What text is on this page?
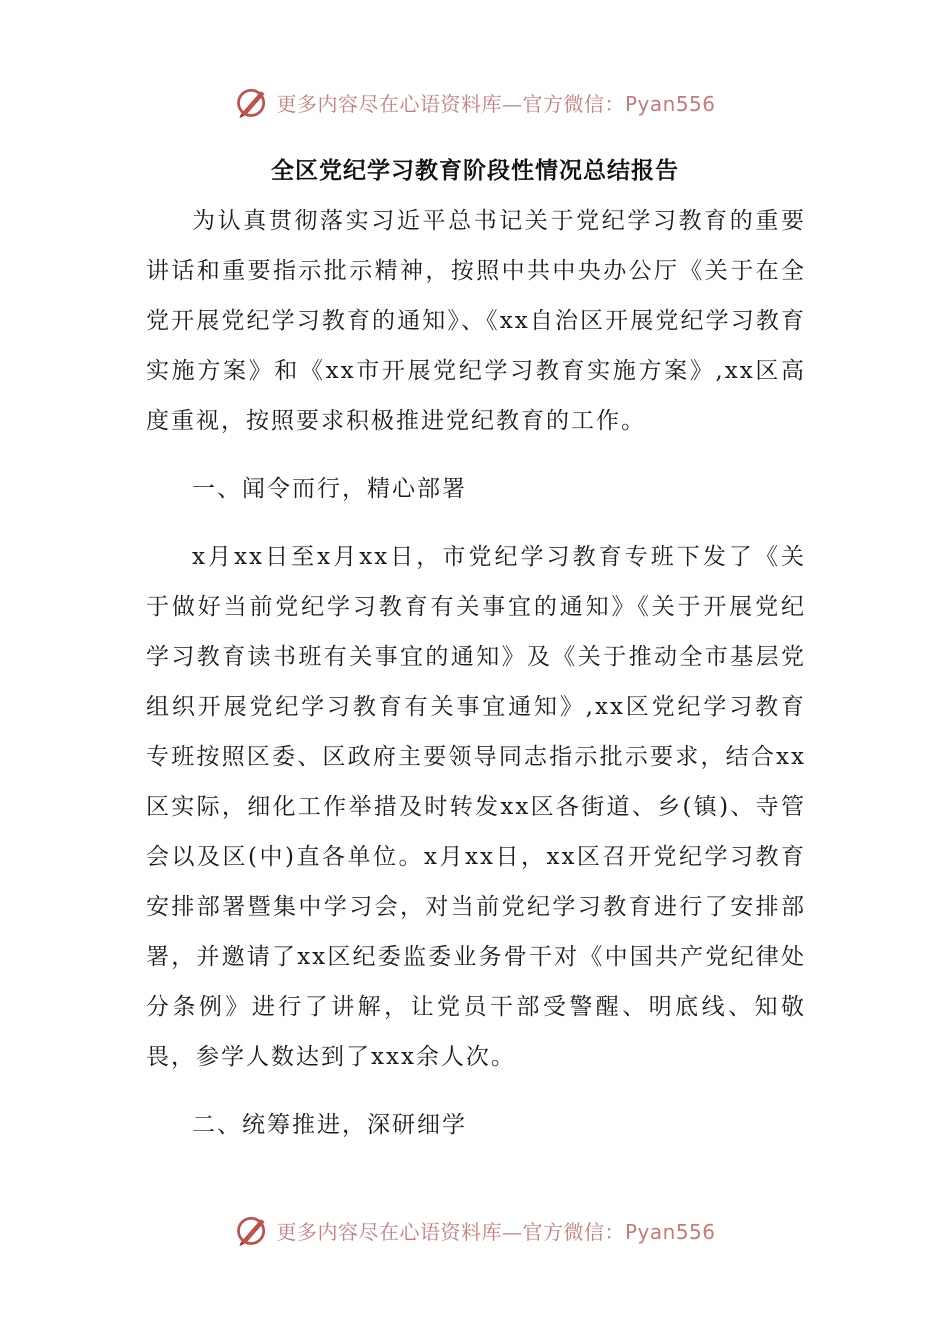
更多内容尽在心语资料库—官方微信：Pyan556
全区党纪学习教育阶段性情况总结报告

为认真贯彻落实习近平总书记关于党纪学习教育的重要讲话和重要指示批示精神，按照中共中央办公厅《关于在全党开展党纪学习教育的通知》、《xx自治区开展党纪学习教育实施方案》和《xx市开展党纪学习教育实施方案》,xx区高度重视，按照要求积极推进党纪教育的工作。

一、闻令而行，精心部署

x月xx日至x月xx日，市党纪学习教育专班下发了《关于做好当前党纪学习教育有关事宜的通知》《关于开展党纪学习教育读书班有关事宜的通知》及《关于推动全市基层党组织开展党纪学习教育有关事宜通知》,xx区党纪学习教育专班按照区委、区政府主要领导同志指示批示要求，结合xx区实际，细化工作举措及时转发xx区各街道、乡(镇)、寺管会以及区(中)直各单位。x月xx日，xx区召开党纪学习教育安排部署暨集中学习会，对当前党纪学习教育进行了安排部署，并邀请了xx区纪委监委业务骨干对《中国共产党纪律处分条例》进行了讲解，让党员干部受警醒、明底线、知敬畏，参学人数达到了xxx余人次。

二、统筹推进，深研细学

更多内容尽在心语资料库—官方微信：Pyan556
